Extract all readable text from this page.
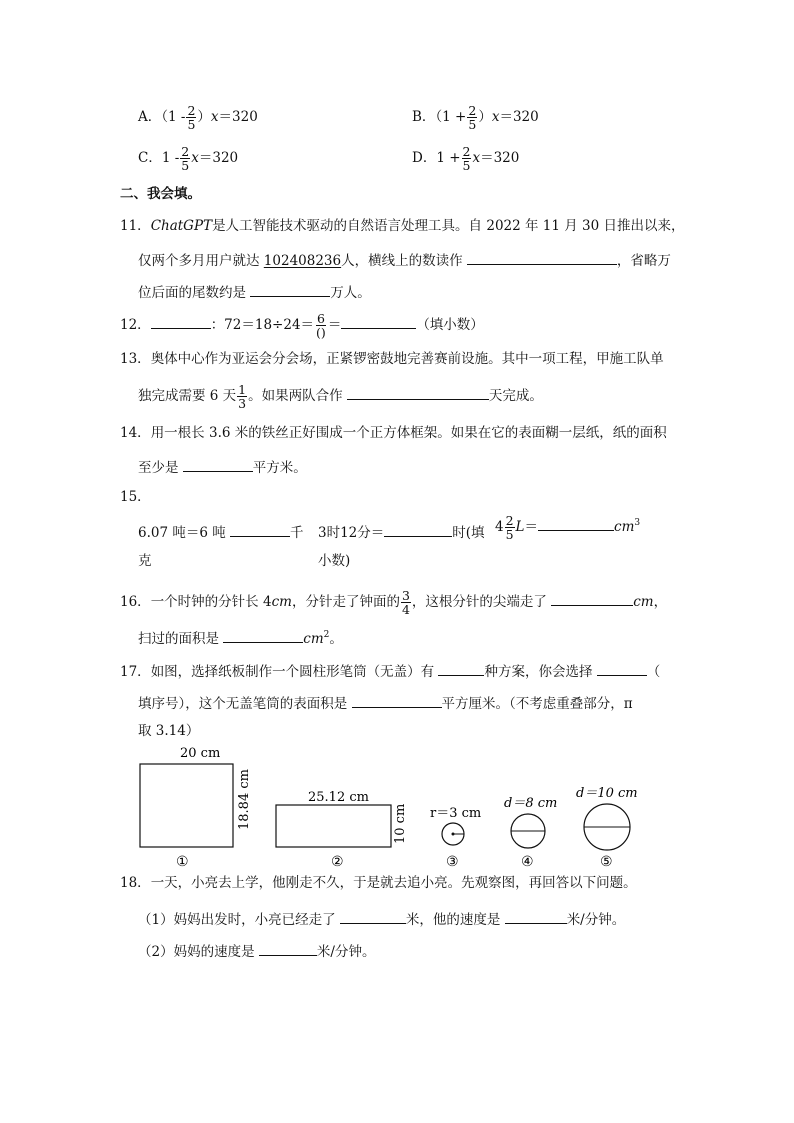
A．$(1 - \frac{2}{5} )x=320$	B．$(1 + \frac{2}{5} )x=320$
C．$1 - \frac{2}{5} x=320$	D．$1 + \frac{2}{5} x=320$
二、我会填。
11．ChatGPT是人工智能技术驱动的自然语言处理工具。自 2022 年 11 月 30 日推出以来，
仅两个多月用户就达 102408236人，横线上的数读作	，省略万
位后面的尾数约是	万人。
12．	：$72=18\div 24= \frac{6}{()}$ ＝	（填小数）
13．奥体中心作为亚运会分会场，正紧锣密鼓地完善赛前设施。其中一项工程，甲施工队单
独完成需要 6 天 $\frac{1}{3}$ 。如果两队合作	天完成。
14．用一根长 3.6 米的铁丝正好围成一个正方体框架。如果在它的表面糊一层纸，纸的面积
至少是	平方米。
15．
6.07 吨＝6 吨	千
克
3时12分＝	时(填
小数)
$4 \frac{2}{5} L=$	$cm^3$
16．一个时钟的分针长 4cm，分针走了钟面的 $\frac{3}{4}$ ，这根分针的尖端走了	cm，
扫过的面积是	$cm^2$。
17．如图，选择纸板制作一个圆柱形笔筒（无盖）有	种方案，你会选择	（
填序号），这个无盖笔筒的表面积是	平方厘米。（不考虑重叠部分，π
取 3.14）
20 cm
18.84 cm
①
25.12 cm
10 cm
②
r＝3 cm
③
d＝8 cm
④
d＝10 cm
⑤
18．一天，小亮去上学，他刚走不久，于是就去追小亮。先观察图，再回答以下问题。
（1）妈妈出发时，小亮已经走了	米，他的速度是	米/分钟。
（2）妈妈的速度是	米/分钟。
